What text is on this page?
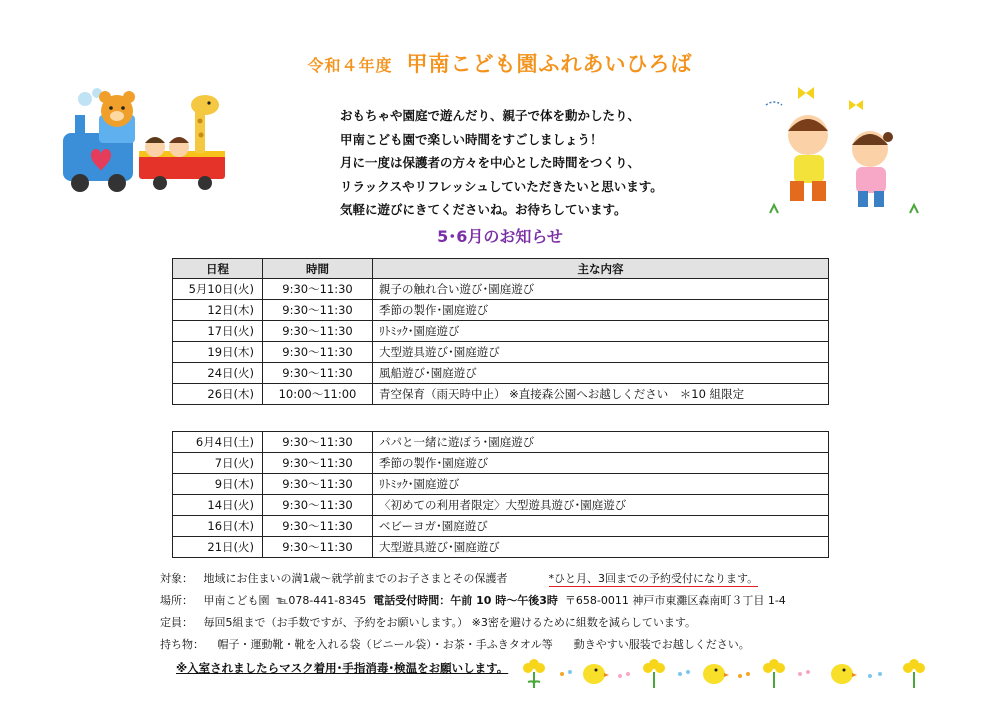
令和４年度 甲南こども園ふれあいひろば
おもちゃや園庭で遊んだり、親子で体を動かしたり、
甲南こども園で楽しい時間をすごしましょう！
月に一度は保護者の方々を中心とした時間をつくり、
リラックスやリフレッシュしていただきたいと思います。
気軽に遊びにきてくださいね。お待ちしています。
5･6月のお知らせ
日程	時間	主な内容
5月10日(火)	9:30～11:30	親子の触れ合い遊び･園庭遊び
12日(木)	9:30～11:30	季節の製作･園庭遊び
17日(火)	9:30～11:30	ﾘﾄﾐｯｸ･園庭遊び
19日(木)	9:30～11:30	大型遊具遊び･園庭遊び
24日(火)	9:30～11:30	風船遊び･園庭遊び
26日(木)	10:00～11:00	青空保育（雨天時中止） ※直接森公園へお越しください　＊10 組限定
6月4日(土)	9:30～11:30	パパと一緒に遊ぼう･園庭遊び
7日(火)	9:30～11:30	季節の製作･園庭遊び
9日(木)	9:30～11:30	ﾘﾄﾐｯｸ･園庭遊び
14日(火)	9:30～11:30	〈初めての利用者限定〉大型遊具遊び･園庭遊び
16日(木)	9:30～11:30	ベビーヨガ･園庭遊び
21日(火)	9:30～11:30	大型遊具遊び･園庭遊び
対象： 地域にお住まいの満1歳～就学前までのお子さまとその保護者	*ひと月、3回までの予約受付になります。
場所： 甲南こども園 ℡078‐441‐8345 電話受付時間：午前 10 時～午後3時 〒658-0011 神戸市東灘区森南町３丁目 1-4
定員： 毎回5組まで（お手数ですが、予約をお願いします。） ※3密を避けるために組数を減らしています。
持ち物： 帽子・運動靴・靴を入れる袋（ビニール袋）・お茶・手ふきタオル等 動きやすい服装でお越しください。
※入室されましたらマスク着用･手指消毒･検温をお願いします。
